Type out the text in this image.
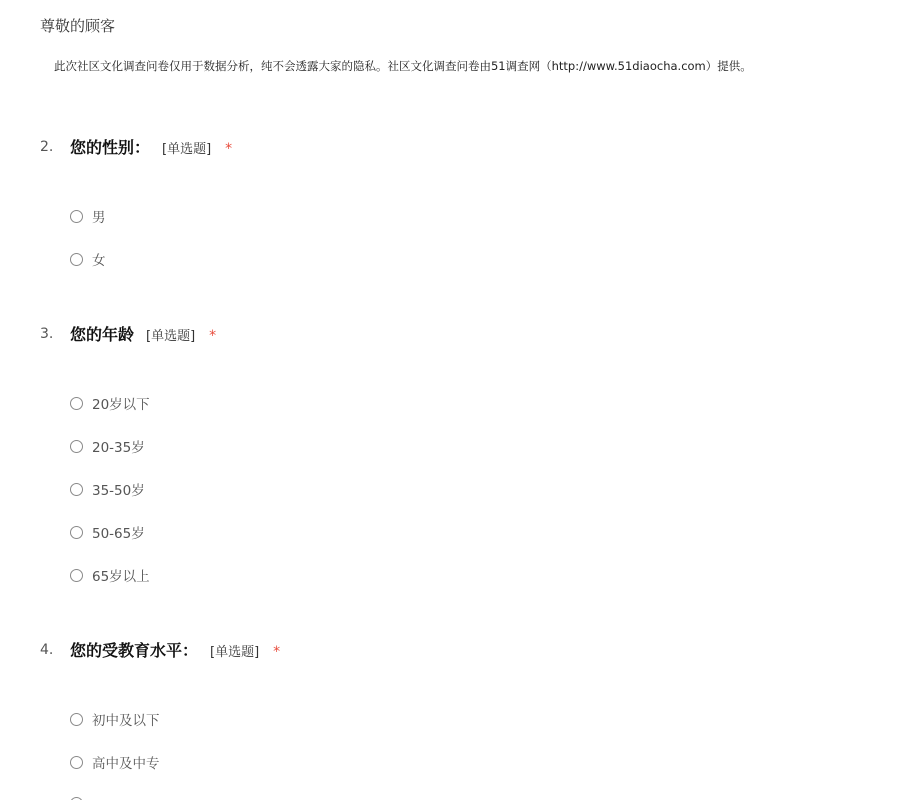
尊敬的顾客
此次社区文化调查问卷仅用于数据分析，纯不会透露大家的隐私。社区文化调查问卷由51调查网（http://www.51diaocha.com）提供。
2. 您的性别： [单选题] *
男
女
3. 您的年龄 [单选题] *
20岁以下
20-35岁
35-50岁
50-65岁
65岁以上
4. 您的受教育水平： [单选题] *
初中及以下
高中及中专
